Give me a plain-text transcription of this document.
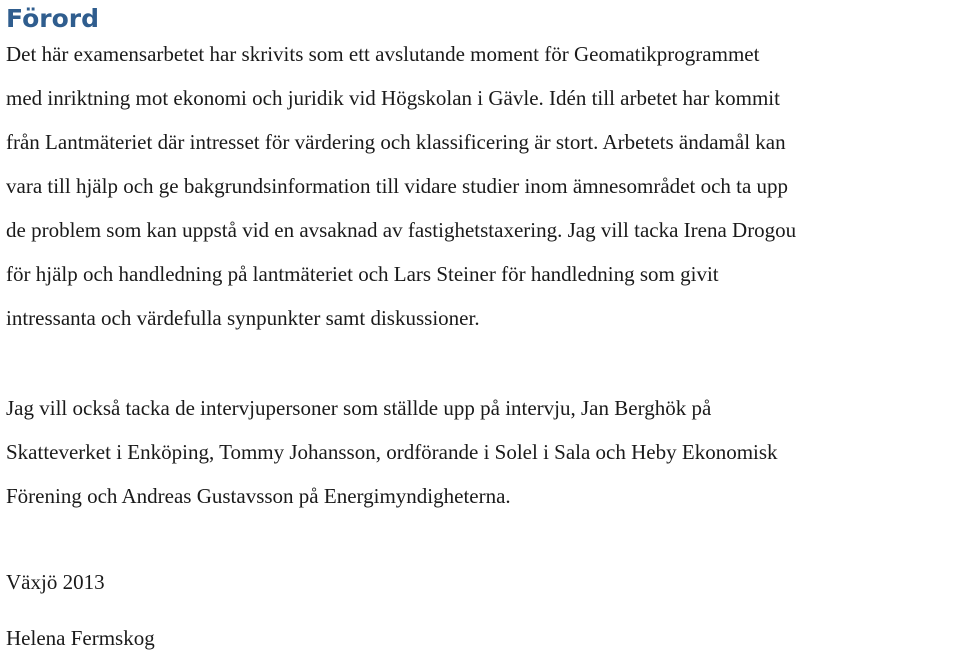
Förord

Det här examensarbetet har skrivits som ett avslutande moment för Geomatikprogrammet
med inriktning mot ekonomi och juridik vid Högskolan i Gävle. Idén till arbetet har kommit
från Lantmäteriet där intresset för värdering och klassificering är stort. Arbetets ändamål kan
vara till hjälp och ge bakgrundsinformation till vidare studier inom ämnesområdet och ta upp
de problem som kan uppstå vid en avsaknad av fastighetstaxering. Jag vill tacka Irena Drogou
för hjälp och handledning på lantmäteriet och Lars Steiner för handledning som givit
intressanta och värdefulla synpunkter samt diskussioner.

Jag vill också tacka de intervjupersoner som ställde upp på intervju, Jan Berghök på
Skatteverket i Enköping, Tommy Johansson, ordförande i Solel i Sala och Heby Ekonomisk
Förening och Andreas Gustavsson på Energimyndigheterna.

Växjö 2013

Helena Fermskog
